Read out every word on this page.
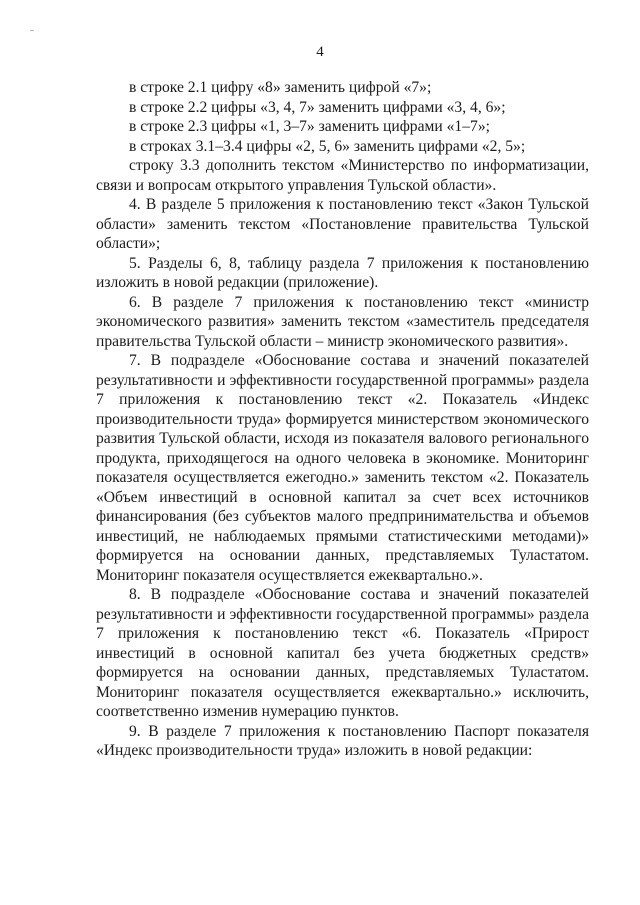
4

в строке 2.1 цифру «8» заменить цифрой «7»;

в строке 2.2 цифры «3, 4, 7» заменить цифрами «3, 4, 6»;

в строке 2.3 цифры «1, 3–7» заменить цифрами «1–7»;

в строках 3.1–3.4 цифры «2, 5, 6» заменить цифрами «2, 5»;

строку 3.3 дополнить текстом «Министерство по информатизации, связи и вопросам открытого управления Тульской области».

4. В разделе 5 приложения к постановлению текст «Закон Тульской области» заменить текстом «Постановление правительства Тульской области»;

5. Разделы 6, 8, таблицу раздела 7 приложения к постановлению изложить в новой редакции (приложение).

6. В разделе 7 приложения к постановлению текст «министр экономического развития» заменить текстом «заместитель председателя правительства Тульской области – министр экономического развития».

7. В подразделе «Обоснование состава и значений показателей результативности и эффективности государственной программы» раздела 7 приложения к постановлению текст «2. Показатель «Индекс производительности труда» формируется министерством экономического развития Тульской области, исходя из показателя валового регионального продукта, приходящегося на одного человека в экономике. Мониторинг показателя осуществляется ежегодно.» заменить текстом «2. Показатель «Объем инвестиций в основной капитал за счет всех источников финансирования (без субъектов малого предпринимательства и объемов инвестиций, не наблюдаемых прямыми статистическими методами)» формируется на основании данных, представляемых Туластатом. Мониторинг показателя осуществляется ежеквартально.».

8. В подразделе «Обоснование состава и значений показателей результативности и эффективности государственной программы» раздела 7 приложения к постановлению текст «6. Показатель «Прирост инвестиций в основной капитал без учета бюджетных средств» формируется на основании данных, представляемых Туластатом. Мониторинг показателя осуществляется ежеквартально.» исключить, соответственно изменив нумерацию пунктов.

9. В разделе 7 приложения к постановлению Паспорт показателя «Индекс производительности труда» изложить в новой редакции:
